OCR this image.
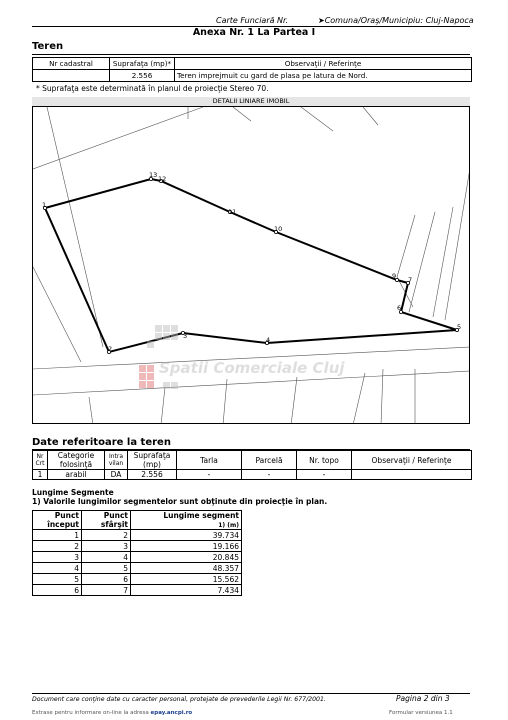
Carte Funciară Nr.	➤Comuna/Oraş/Municipiu: Cluj-Napoca
Anexa Nr. 1 La Partea I
Teren
Nr cadastral	Suprafaţa (mp)*	Observaţii / Referinţe
	2.556	Teren imprejmuit cu gard de plasa pe latura de Nord.
* Suprafaţa este determinată în planul de proiecţie Stereo 70.
DETALII LINIARE IMOBIL
1
2
3	4
5
6
7
9
10
11
12
13
Spatii Comerciale Cluj
Date referitoare la teren
Nr Crt	Categorie folosinţă	Intra vilan	Suprafaţa (mp)	Tarla	Parcelă	Nr. topo	Observaţii / Referinţe
1	arabil	DA	2.556	-	-	-	
Lungime Segmente
1) Valorile lungimilor segmentelor sunt obţinute din proiecţie în plan.
Punct început	Punct sfârşit	Lungime segment
1) (m)
1	2	39.734
2	3	19.166
3	4	20.845
4	5	48.357
5	6	15.562
6	7	7.434
Document care conţine date cu caracter personal, protejate de prevederile Legii Nr. 677/2001.	Pagina 2 din 3
Extrase pentru informare on-line la adresa epay.ancpi.ro	Formular versiunea 1.1
